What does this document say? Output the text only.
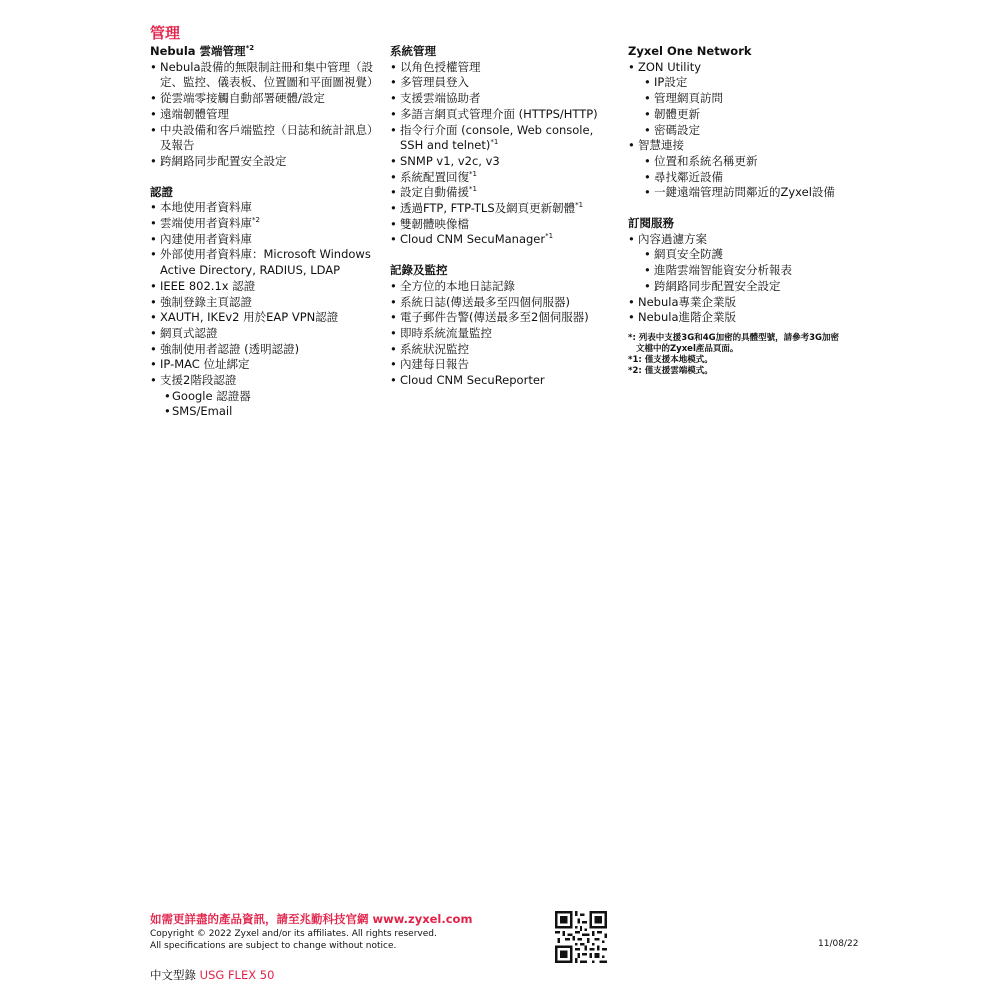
管理
Nebula 雲端管理$^{*2}$
• Nebula設備的無限制註冊和集中管理（設定、監控、儀表板、位置圖和平面圖視覺）
• 從雲端零接觸自動部署硬體/設定
• 遠端韌體管理
• 中央設備和客戶端監控（日誌和統計訊息）及報告
• 跨網路同步配置安全設定
認證
• 本地使用者資料庫
• 雲端使用者資料庫$^{*2}$
• 內建使用者資料庫
• 外部使用者資料庫：Microsoft Windows Active Directory, RADIUS, LDAP
• IEEE 802.1x 認證
• 強制登錄主頁認證
• XAUTH, IKEv2 用於EAP VPN認證
• 網頁式認證
• 強制使用者認證 (透明認證)
• IP-MAC 位址綁定
• 支援2階段認證
• Google 認證器
• SMS/Email
系統管理
• 以角色授權管理
• 多管理員登入
• 支援雲端協助者
• 多語言網頁式管理介面 (HTTPS/HTTP)
• 指令行介面 (console, Web console, SSH and telnet)$^{*1}$
• SNMP v1, v2c, v3
• 系統配置回復$^{*1}$
• 設定自動備援$^{*1}$
• 透過FTP, FTP-TLS及網頁更新韌體$^{*1}$
• 雙韌體映像檔
• Cloud CNM SecuManager$^{*1}$
記錄及監控
• 全方位的本地日誌記錄
• 系統日誌(傳送最多至四個伺服器)
• 電子郵件告警(傳送最多至2個伺服器)
• 即時系統流量監控
• 系統狀況監控
• 內建每日報告
• Cloud CNM SecuReporter
Zyxel One Network
• ZON Utility
• IP設定
• 管理網頁訪問
• 韌體更新
• 密碼設定
• 智慧連接
• 位置和系統名稱更新
• 尋找鄰近設備
• 一鍵遠端管理訪問鄰近的Zyxel設備
訂閱服務
• 內容過濾方案
• 網頁安全防護
• 進階雲端智能資安分析報表
• 跨網路同步配置安全設定
• Nebula專業企業版
• Nebula進階企業版
*: 列表中支援3G和4G加密的具體型號，請參考3G加密
文檔中的Zyxel產品頁面。
*1: 僅支援本地模式。
*2: 僅支援雲端模式。
如需更詳盡的產品資訊，請至兆勤科技官網 www.zyxel.com
Copyright © 2022 Zyxel and/or its affiliates. All rights reserved.
All specifications are subject to change without notice.	11/08/22
中文型錄 USG FLEX 50
